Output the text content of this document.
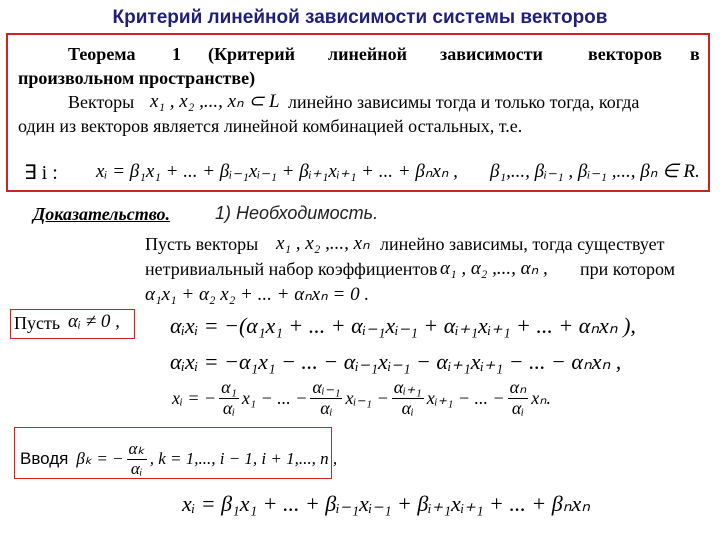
Критерий линейной зависимости системы векторов
Теорема 1 (Критерий линейной зависимости	векторов в
произвольном пространстве)
Векторы x₁ , x₂ ,..., xₙ ⊂ L линейно зависимы тогда и только тогда, когда
один из векторов является линейной комбинацией остальных, т.е.
∃ i : xᵢ = β₁x₁ + ... + βᵢ₋₁xᵢ₋₁ + βᵢ₊₁xᵢ₊₁ + ... + βₙxₙ , β₁,..., βᵢ₋₁ , βᵢ₋₁ ,..., βₙ ∈ R.
Доказательство. 1) Необходимость.
Пусть векторы x₁ , x₂ ,..., xₙ линейно зависимы, тогда существует
нетривиальный набор коэффициентов α₁ , α₂ ,..., αₙ , при котором
α₁x₁ + α₂ x₂ + ... + αₙxₙ = 0 .
Пусть αᵢ ≠ 0 , αᵢxᵢ = −(α₁x₁ + ... + αᵢ₋₁xᵢ₋₁ + αᵢ₊₁xᵢ₊₁ + ... + αₙxₙ ),
αᵢxᵢ = −α₁x₁ − ... − αᵢ₋₁xᵢ₋₁ − αᵢ₊₁xᵢ₊₁ − ... − αₙxₙ ,
xᵢ = − $\frac{\text{α₁}}{\text{αᵢ}} x_1$ − ... − $\frac{\text{αᵢ₋₁}}{\text{αᵢ}}$ xᵢ₋₁ − $\frac{\text{αᵢ₊₁}}{\text{αᵢ}}$ xᵢ₊₁ − ... − $\frac{\text{αₙ}}{\text{αᵢ}} x_n$.
Вводя βₖ = − $\frac{\text{αₖ}}{\text{αᵢ}}$ , k = 1,..., i − 1, i + 1,..., n ,
xᵢ = β₁x₁ + ... + βᵢ₋₁xᵢ₋₁ + βᵢ₊₁xᵢ₊₁ + ... + βₙxₙ
